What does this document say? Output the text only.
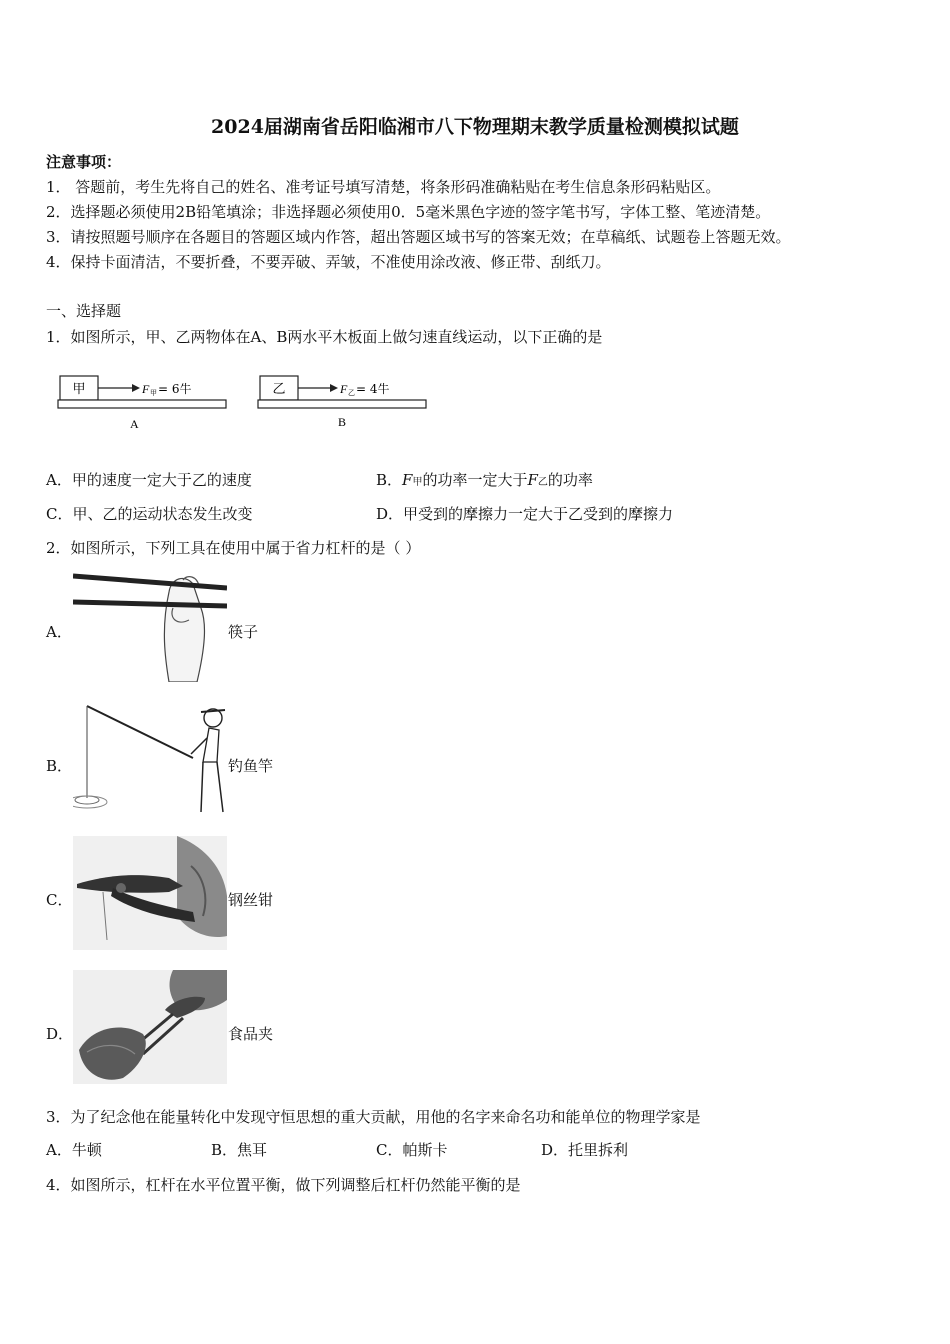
2024届湖南省岳阳临湘市八下物理期末教学质量检测模拟试题
注意事项：
1． 答题前，考生先将自己的姓名、准考证号填写清楚，将条形码准确粘贴在考生信息条形码粘贴区。
2．选择题必须使用2B铅笔填涂；非选择题必须使用0．5毫米黑色字迹的签字笔书写，字体工整、笔迹清楚。
3．请按照题号顺序在各题目的答题区域内作答，超出答题区域书写的答案无效；在草稿纸、试题卷上答题无效。
4．保持卡面清洁，不要折叠，不要弄破、弄皱，不准使用涂改液、修正带、刮纸刀。
一、选择题
1．如图所示，甲、乙两物体在A、B两水平木板面上做匀速直线运动，以下正确的是
甲	F 甲 = 6牛
A
乙	F 乙 = 4牛
B
A．甲的速度一定大于乙的速度	B．F甲的功率一定大于F乙的功率
C．甲、乙的运动状态发生改变	D．甲受到的摩擦力一定大于乙受到的摩擦力
2．如图所示，下列工具在使用中属于省力杠杆的是（ ）
A．	筷子
B．	钓鱼竿
C．	钢丝钳
D．	食品夹
3．为了纪念他在能量转化中发现守恒思想的重大贡献，用他的名字来命名功和能单位的物理学家是
A．牛顿	B．焦耳	C．帕斯卡	D．托里拆利
4．如图所示，杠杆在水平位置平衡，做下列调整后杠杆仍然能平衡的是
